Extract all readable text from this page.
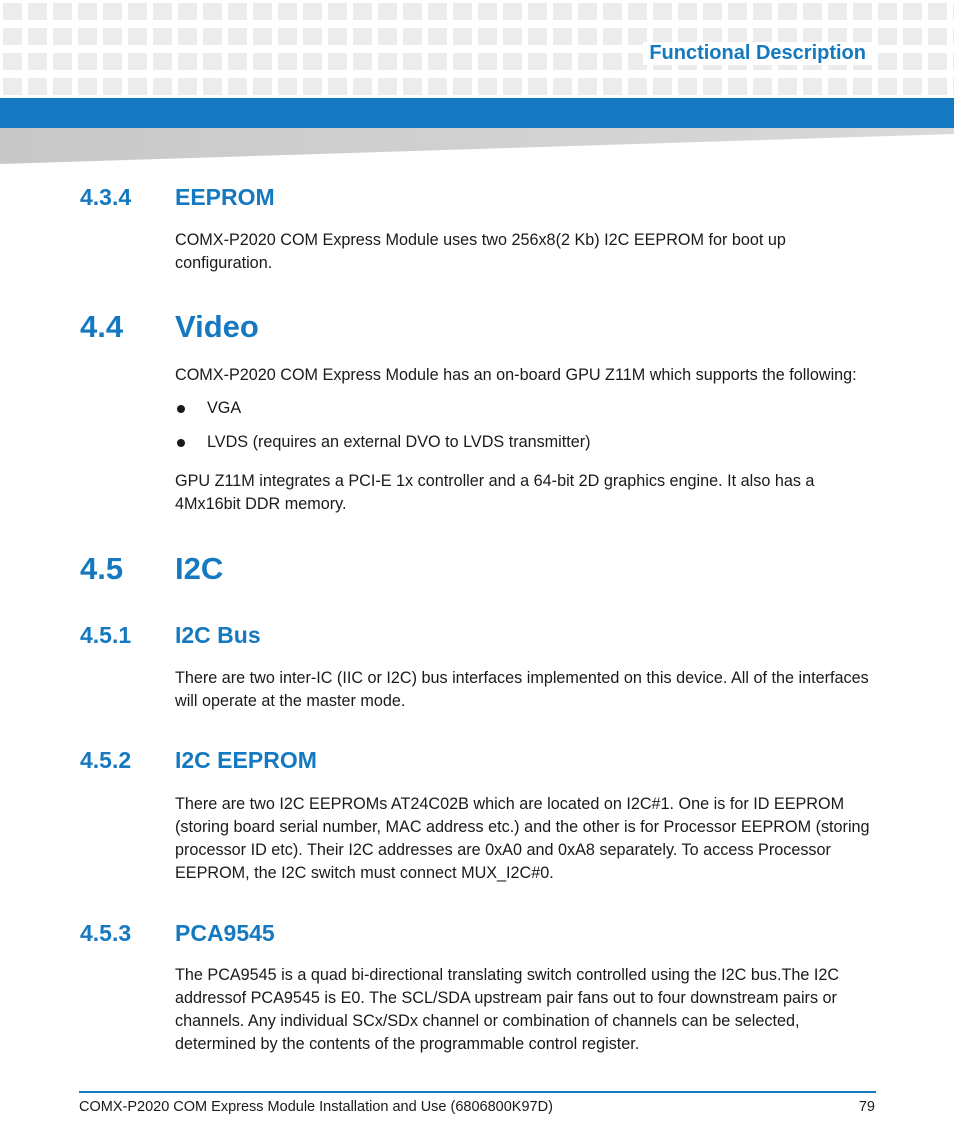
Functional Description
4.3.4 EEPROM
COMX-P2020 COM Express Module uses two 256x8(2 Kb) I2C EEPROM for boot up configuration.
4.4 Video
COMX-P2020 COM Express Module has an on-board GPU Z11M which supports the following:
VGA
LVDS (requires an external DVO to LVDS transmitter)
GPU Z11M integrates a PCI-E 1x controller and a 64-bit 2D graphics engine. It also has a 4Mx16bit DDR memory.
4.5 I2C
4.5.1 I2C Bus
There are two inter-IC (IIC or I2C) bus interfaces implemented on this device. All of the interfaces will operate at the master mode.
4.5.2 I2C EEPROM
There are two I2C EEPROMs AT24C02B which are located on I2C#1. One is for ID EEPROM (storing board serial number, MAC address etc.) and the other is for Processor EEPROM (storing processor ID etc). Their I2C addresses are 0xA0 and 0xA8 separately. To access Processor EEPROM, the I2C switch must connect MUX_I2C#0.
4.5.3 PCA9545
The PCA9545 is a quad bi-directional translating switch controlled using the I2C bus.The I2C addressof PCA9545 is E0. The SCL/SDA upstream pair fans out to four downstream pairs or channels. Any individual SCx/SDx channel or combination of channels can be selected, determined by the contents of the programmable control register.
COMX-P2020 COM Express Module Installation and Use (6806800K97D)	79
